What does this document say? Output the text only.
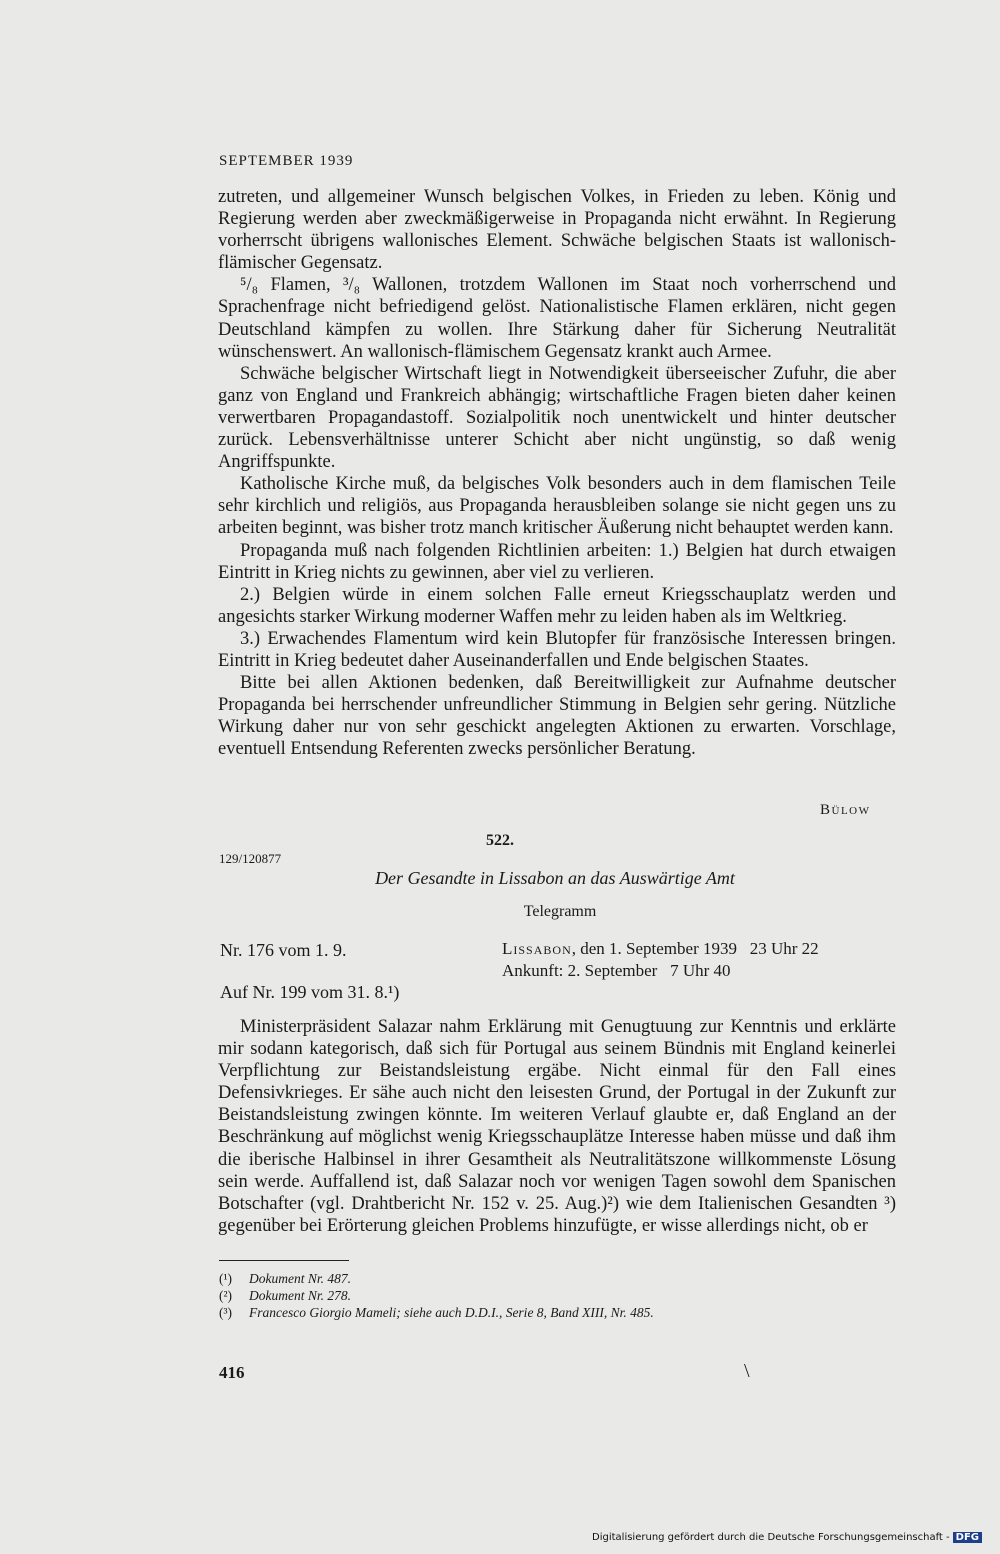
SEPTEMBER 1939

zutreten, und allgemeiner Wunsch belgischen Volkes, in Frieden zu leben. König und Regierung werden aber zweckmäßigerweise in Propaganda nicht erwähnt. In Regierung vorherrscht übrigens wallonisches Element. Schwäche belgischen Staats ist wallonisch-flämischer Gegensatz.

⁵/₈ Flamen, ³/₈ Wallonen, trotzdem Wallonen im Staat noch vorherrschend und Sprachenfrage nicht befriedigend gelöst. Nationalistische Flamen erklären, nicht gegen Deutschland kämpfen zu wollen. Ihre Stärkung daher für Sicherung Neutralität wünschenswert. An wallonisch-flämischem Gegensatz krankt auch Armee.

Schwäche belgischer Wirtschaft liegt in Notwendigkeit überseeischer Zufuhr, die aber ganz von England und Frankreich abhängig; wirtschaftliche Fragen bieten daher keinen verwertbaren Propagandastoff. Sozialpolitik noch unentwickelt und hinter deutscher zurück. Lebensverhältnisse unterer Schicht aber nicht ungünstig, so daß wenig Angriffspunkte.

Katholische Kirche muß, da belgisches Volk besonders auch in dem flamischen Teile sehr kirchlich und religiös, aus Propaganda herausbleiben solange sie nicht gegen uns zu arbeiten beginnt, was bisher trotz manch kritischer Äußerung nicht behauptet werden kann.

Propaganda muß nach folgenden Richtlinien arbeiten: 1.) Belgien hat durch etwaigen Eintritt in Krieg nichts zu gewinnen, aber viel zu verlieren.

2.) Belgien würde in einem solchen Falle erneut Kriegsschauplatz werden und angesichts starker Wirkung moderner Waffen mehr zu leiden haben als im Weltkrieg.

3.) Erwachendes Flamentum wird kein Blutopfer für französische Interessen bringen. Eintritt in Krieg bedeutet daher Auseinanderfallen und Ende belgischen Staates.

Bitte bei allen Aktionen bedenken, daß Bereitwilligkeit zur Aufnahme deutscher Propaganda bei herrschender unfreundlicher Stimmung in Belgien sehr gering. Nützliche Wirkung daher nur von sehr geschickt angelegten Aktionen zu erwarten. Vorschlage, eventuell Entsendung Referenten zwecks persönlicher Beratung.

Bülow
522.
129/120877
Der Gesandte in Lissabon an das Auswärtige Amt
Telegramm
Nr. 176 vom 1. 9.	Lissabon, den 1. September 1939   23 Uhr 22
Ankunft: 2. September   7 Uhr 40
Auf Nr. 199 vom 31. 8.¹)

Ministerpräsident Salazar nahm Erklärung mit Genugtuung zur Kenntnis und erklärte mir sodann kategorisch, daß sich für Portugal aus seinem Bündnis mit England keinerlei Verpflichtung zur Beistandsleistung ergäbe. Nicht einmal für den Fall eines Defensivkrieges. Er sähe auch nicht den leisesten Grund, der Portugal in der Zukunft zur Beistandsleistung zwingen könnte. Im weiteren Verlauf glaubte er, daß England an der Beschränkung auf möglichst wenig Kriegsschauplätze Interesse haben müsse und daß ihm die iberische Halbinsel in ihrer Gesamtheit als Neutralitätszone willkommenste Lösung sein werde. Auffallend ist, daß Salazar noch vor wenigen Tagen sowohl dem Spanischen Botschafter (vgl. Drahtbericht Nr. 152 v. 25. Aug.)²) wie dem Italienischen Gesandten ³) gegenüber bei Erörterung gleichen Problems hinzufügte, er wisse allerdings nicht, ob er

(¹) Dokument Nr. 487.
(²) Dokument Nr. 278.
(³) Francesco Giorgio Mameli; siehe auch D.D.I., Serie 8, Band XIII, Nr. 485.
416	\
Digitalisierung gefördert durch die Deutsche Forschungsgemeinschaft - DFG
